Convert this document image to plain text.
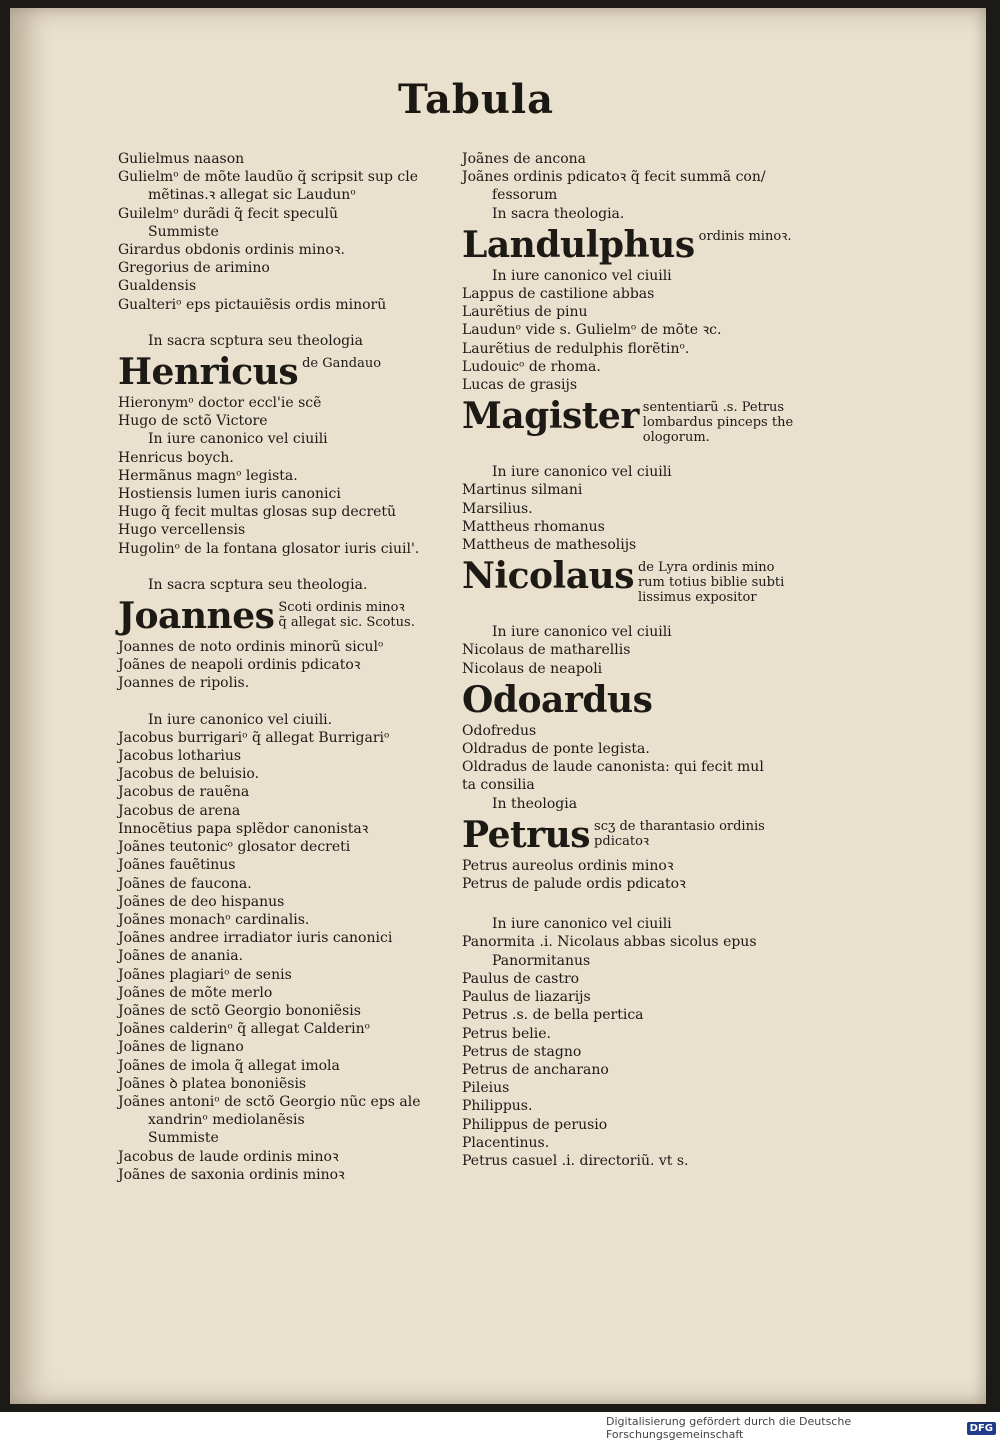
Tabula
Gulielmus naason
Gulielmᵒ de mõte laudũo q̃ scripsit sup cle
mẽtinas.ꝛ allegat sic Laudunᵒ
Guilelmᵒ durãdi q̃ fecit speculũ
Summiste
Girardus obdonis ordinis minoꝛ.
Gregorius de arimino
Gualdensis
Gualteriᵒ eps pictauiẽsis ordis minorũ
In sacra scptura seu theologia
Henricus de Gandauo
Hieronymᵒ doctor eccl'ie scẽ
Hugo de sctõ Victore
In iure canonico vel ciuili
Henricus boych.
Hermãnus magnᵒ legista.
Hostiensis lumen iuris canonici
Hugo q̃ fecit multas glosas sup decretũ
Hugo vercellensis
Hugolinᵒ de la fontana glosator iuris ciuil'.
In sacra scptura seu theologia.
Joannes Scoti ordinis minoꝛ
q̃ allegat sic. Scotus.
Joannes de noto ordinis minorũ siculᵒ
Joãnes de neapoli ordinis pdicatoꝛ
Joannes de ripolis.
In iure canonico vel ciuili.
Jacobus burrigariᵒ q̃ allegat Burrigariᵒ
Jacobus lotharius
Jacobus de beluisio.
Jacobus de rauẽna
Jacobus de arena
Innocẽtius papa splẽdor canonistaꝛ
Joãnes teutonicᵒ glosator decreti
Joãnes fauẽtinus
Joãnes de faucona.
Joãnes de deo hispanus
Joãnes monachᵒ cardinalis.
Joãnes andree irradiator iuris canonici
Joãnes de anania.
Joãnes plagiariᵒ de senis
Joãnes de mõte merlo
Joãnes de sctõ Georgio bononiẽsis
Joãnes calderinᵒ q̃ allegat Calderinᵒ
Joãnes de lignano
Joãnes de imola q̃ allegat imola
Joãnes ꝺ platea bononiẽsis
Joãnes antoniᵒ de sctõ Georgio nũc eps ale
xandrinᵒ mediolanẽsis
Summiste
Jacobus de laude ordinis minoꝛ
Joãnes de saxonia ordinis minoꝛ
Joãnes de ancona
Joãnes ordinis pdicatoꝛ q̃ fecit summã con/
fessorum
In sacra theologia.
Landulphus ordinis minoꝛ.
In iure canonico vel ciuili
Lappus de castilione abbas
Laurẽtius de pinu
Laudunᵒ vide s. Gulielmᵒ de mõte ꝛc.
Laurẽtius de redulphis florẽtinᵒ.
Ludouicᵒ de rhoma.
Lucas de grasijs
Magister sententiarũ .s. Petrus
lombardus pinceps the
ologorum.
In iure canonico vel ciuili
Martinus silmani
Marsilius.
Mattheus rhomanus
Mattheus de mathesolijs
Nicolaus de Lyra ordinis mino
rum totius biblie subti
lissimus expositor
In iure canonico vel ciuili
Nicolaus de matharellis
Nicolaus de neapoli
Odoardus
Odofredus
Oldradus de ponte legista.
Oldradus de laude canonista: qui fecit mul
ta consilia
In theologia
Petrus scʒ de tharantasio ordinis
pdicatoꝛ
Petrus aureolus ordinis minoꝛ
Petrus de palude ordis pdicatoꝛ
In iure canonico vel ciuili
Panormita .i. Nicolaus abbas sicolus epus
Panormitanus
Paulus de castro
Paulus de liazarijs
Petrus .s. de bella pertica
Petrus belie.
Petrus de stagno
Petrus de ancharano
Pileius
Philippus.
Philippus de perusio
Placentinus.
Petrus casuel .i. directoriũ. vt s.
Digitalisierung gefördert durch die Deutsche Forschungsgemeinschaft	DFG
